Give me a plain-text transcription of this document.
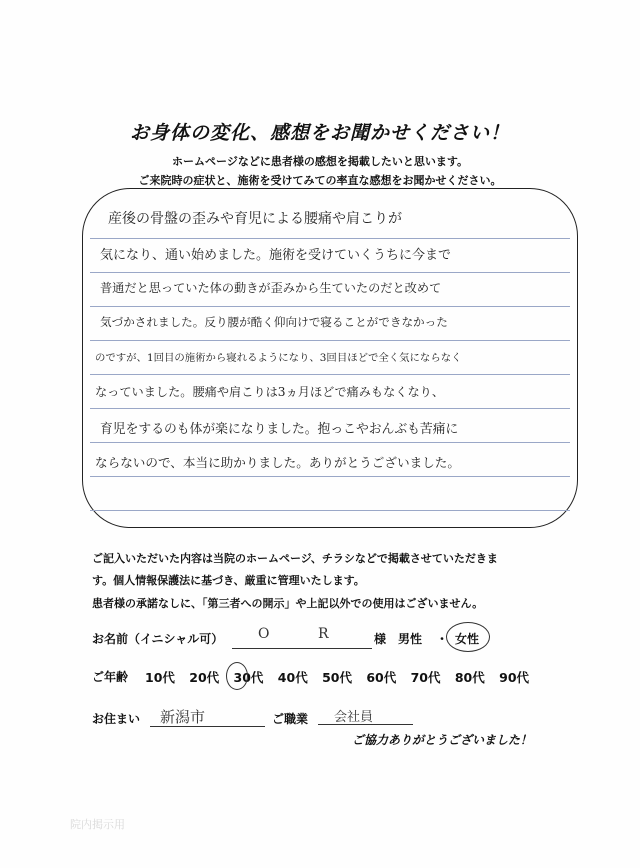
お身体の変化、感想をお聞かせください！
ホームページなどに患者様の感想を掲載したいと思います。
ご来院時の症状と、施術を受けてみての率直な感想をお聞かせください。
産後の骨盤の歪みや育児による腰痛や肩こりが
気になり、通い始めました。施術を受けていくうちに今まで
普通だと思っていた体の動きが歪みから生ていたのだと改めて
気づかされました。反り腰が酷く仰向けで寝ることができなかった
のですが、1回目の施術から寝れるようになり、3回目ほどで全く気にならなく
なっていました。腰痛や肩こりは3ヵ月ほどで痛みもなくなり、
育児をするのも体が楽になりました。抱っこやおんぶも苦痛に
ならないので、本当に助かりました。ありがとうございました。
ご記入いただいた内容は当院のホームページ、チラシなどで掲載させていただきま
す。個人情報保護法に基づき、厳重に管理いたします。
患者様の承諾なしに、「第三者への開示」や上記以外での使用はございません。
お名前（イニシャル可） O	R	様 男性 ・ 女性
ご年齢 10代 20代 30代 40代 50代 60代 70代 80代 90代
お住まい 新潟市	ご職業 会社員
ご協力ありがとうございました！
院内掲示用
